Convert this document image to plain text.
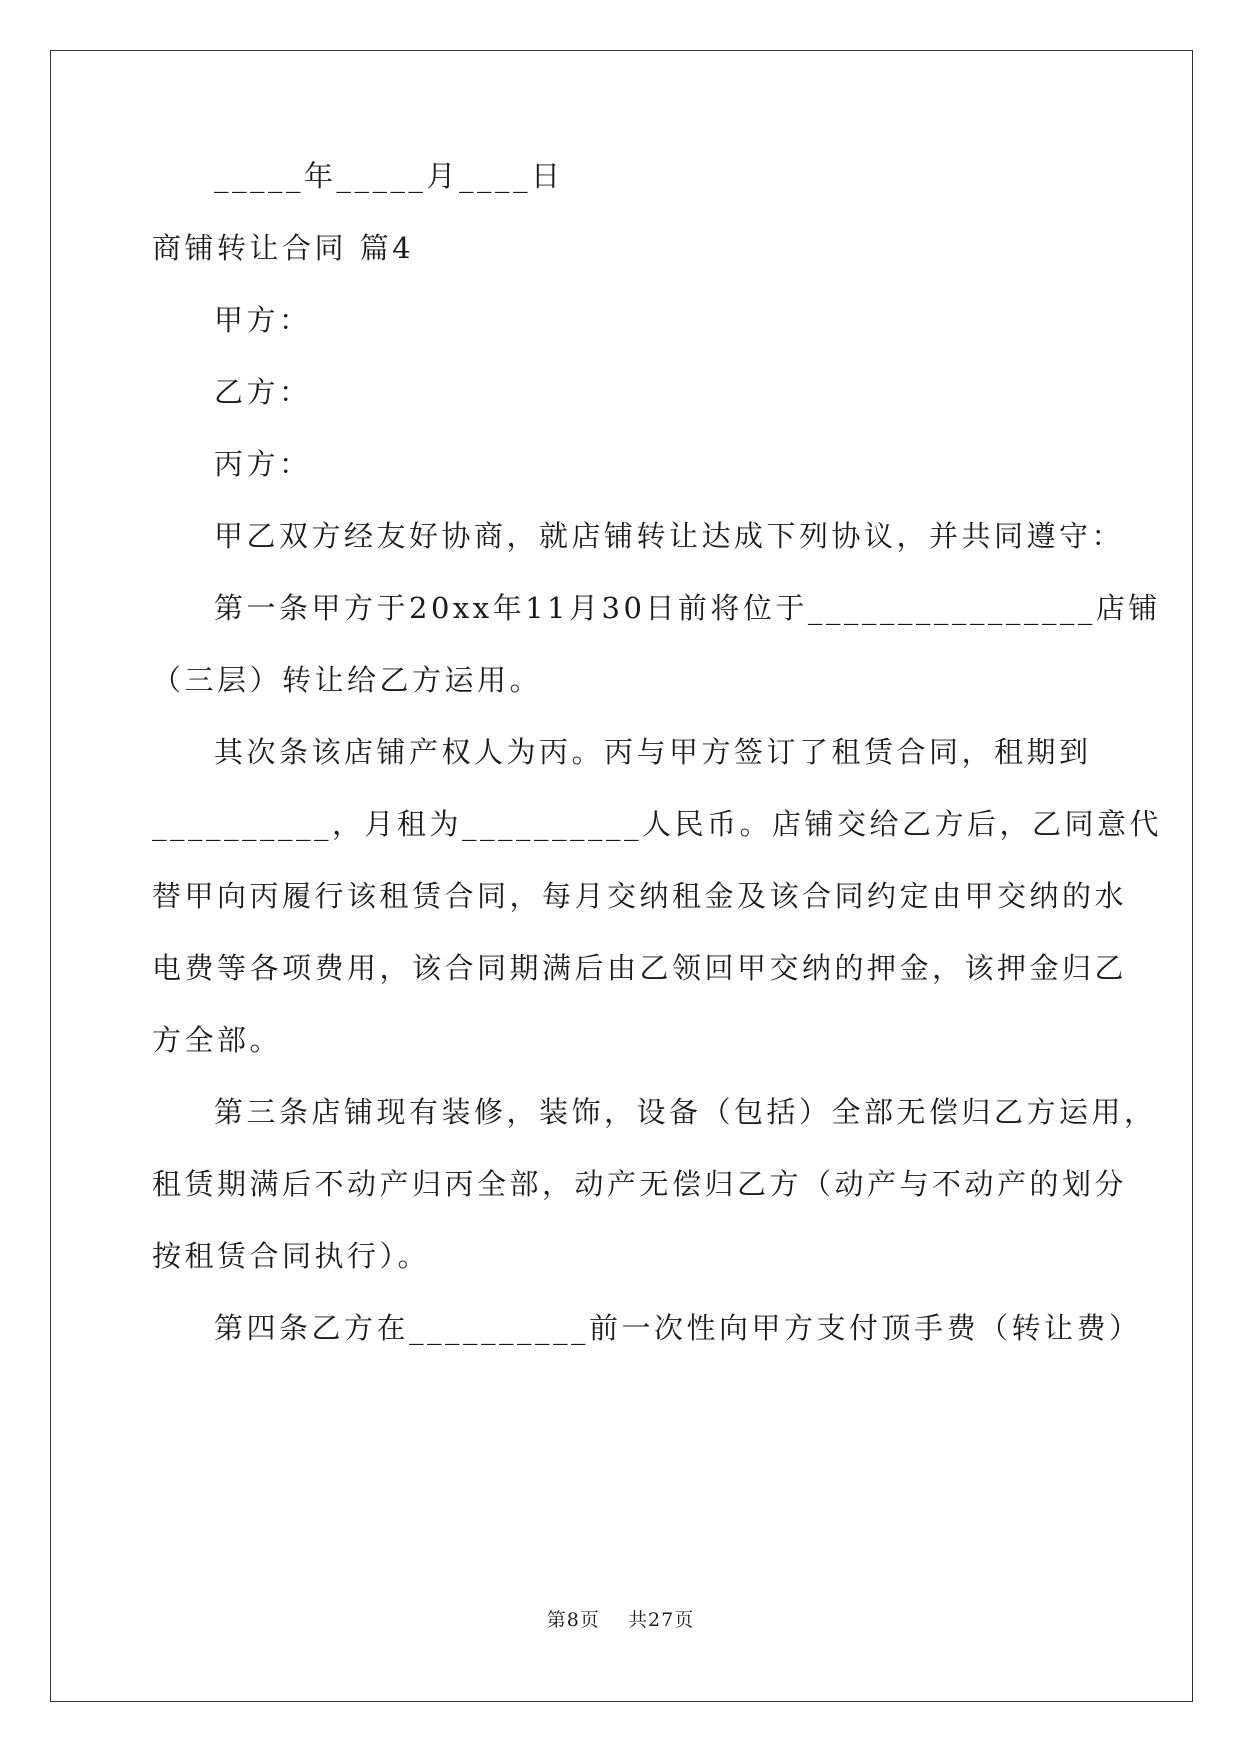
_____年_____月____日
商铺转让合同 篇4
甲方：
乙方：
丙方：
甲乙双方经友好协商，就店铺转让达成下列协议，并共同遵守：
第一条甲方于20xx年11月30日前将位于________________店铺
（三层）转让给乙方运用。
其次条该店铺产权人为丙。丙与甲方签订了租赁合同，租期到
__________，月租为__________人民币。店铺交给乙方后，乙同意代
替甲向丙履行该租赁合同，每月交纳租金及该合同约定由甲交纳的水
电费等各项费用，该合同期满后由乙领回甲交纳的押金，该押金归乙
方全部。
第三条店铺现有装修，装饰，设备（包括）全部无偿归乙方运用，
租赁期满后不动产归丙全部，动产无偿归乙方（动产与不动产的划分
按租赁合同执行）。
第四条乙方在__________前一次性向甲方支付顶手费（转让费）
第8页    共27页
